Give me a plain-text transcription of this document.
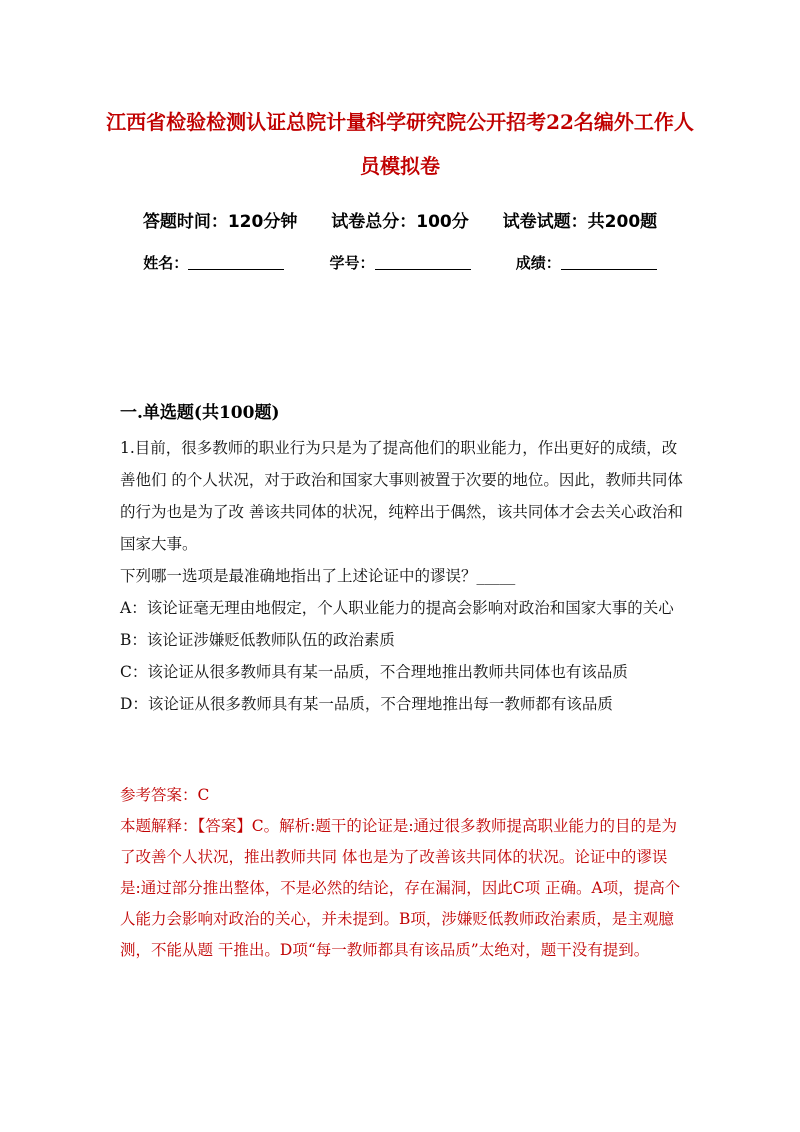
江西省检验检测认证总院计量科学研究院公开招考22名编外工作人员模拟卷
答题时间：120分钟 试卷总分：100分 试卷试题：共200题
姓名：	学号：	成绩：
一.单选题(共100题)

1.目前，很多教师的职业行为只是为了提高他们的职业能力，作出更好的成绩，改善他们 的个人状况，对于政治和国家大事则被置于次要的地位。因此，教师共同体的行为也是为了改 善该共同体的状况，纯粹出于偶然，该共同体才会去关心政治和国家大事。

下列哪一选项是最准确地指出了上述论证中的谬误？_____

A：该论证毫无理由地假定，个人职业能力的提高会影响对政治和国家大事的关心

B：该论证涉嫌贬低教师队伍的政治素质

C：该论证从很多教师具有某一品质，不合理地推出教师共同体也有该品质

D：该论证从很多教师具有某一品质，不合理地推出每一教师都有该品质

参考答案：C

本题解释：【答案】C。解析:题干的论证是:通过很多教师提高职业能力的目的是为了改善个人状况，推出教师共同 体也是为了改善该共同体的状况。论证中的谬误是:通过部分推出整体，不是必然的结论，存在漏洞，因此C项 正确。A项，提高个人能力会影响对政治的关心，并未提到。B项，涉嫌贬低教师政治素质，是主观臆测，不能从题 干推出。D项“每一教师都具有该品质”太绝对，题干没有提到。
